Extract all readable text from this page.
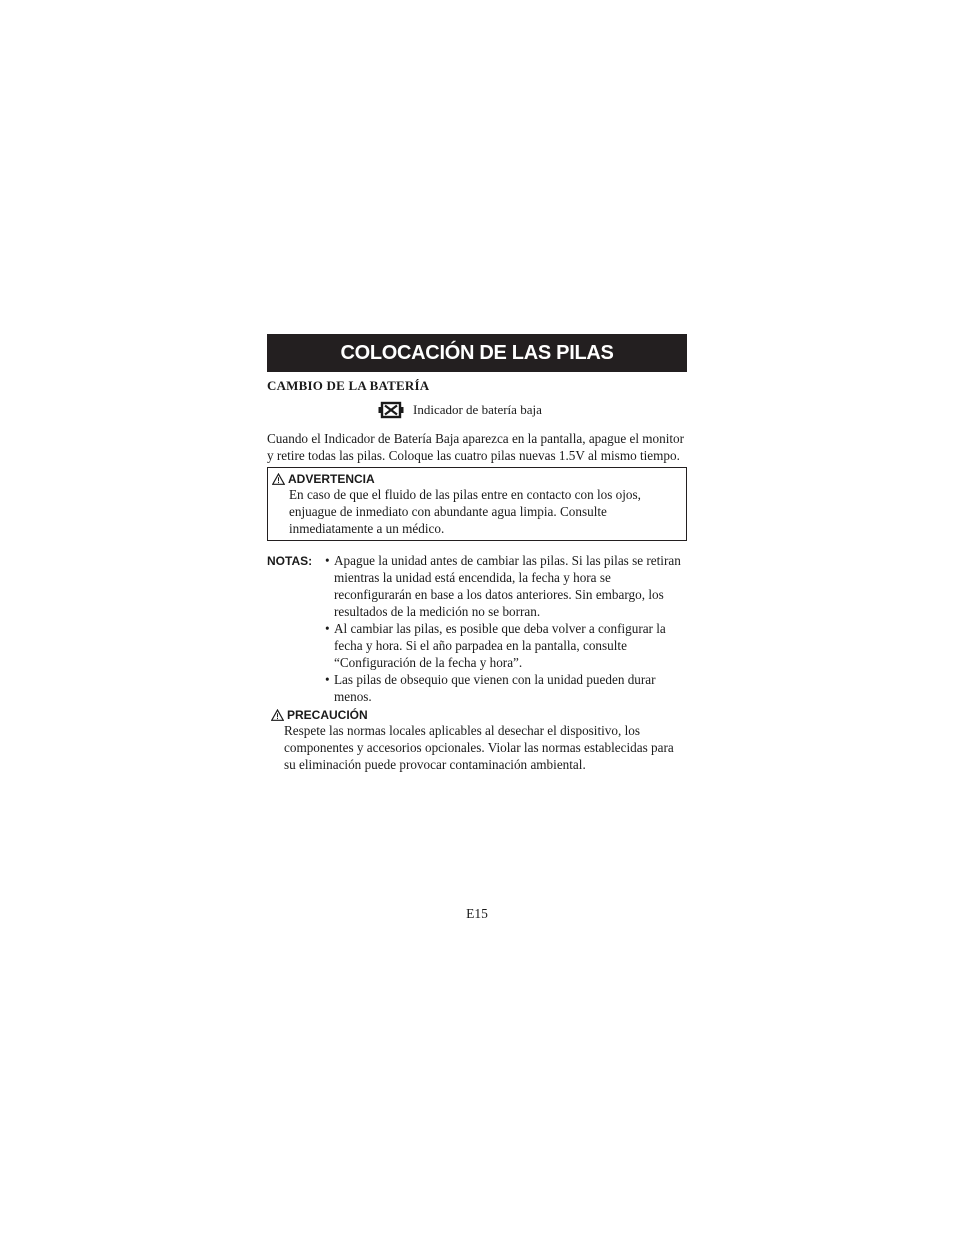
COLOCACIÓN DE LAS PILAS
CAMBIO DE LA BATERÍA
Indicador de batería baja
Cuando el Indicador de Batería Baja aparezca en la pantalla, apague el monitor y retire todas las pilas. Coloque las cuatro pilas nuevas 1.5V al mismo tiempo.
ADVERTENCIA
En caso de que el fluido de las pilas entre en contacto con los ojos, enjuague de inmediato con abundante agua limpia. Consulte inmediatamente a un médico.
NOTAS: • Apague la unidad antes de cambiar las pilas. Si las pilas se retiran mientras la unidad está encendida, la fecha y hora se reconfigurarán en base a los datos anteriores. Sin embargo, los resultados de la medición no se borran.
• Al cambiar las pilas, es posible que deba volver a configurar la fecha y hora. Si el año parpadea en la pantalla, consulte “Configuración de la fecha y hora”.
• Las pilas de obsequio que vienen con la unidad pueden durar menos.
PRECAUCIÓN
Respete las normas locales aplicables al desechar el dispositivo, los componentes y accesorios opcionales. Violar las normas establecidas para su eliminación puede provocar contaminación ambiental.
E15
